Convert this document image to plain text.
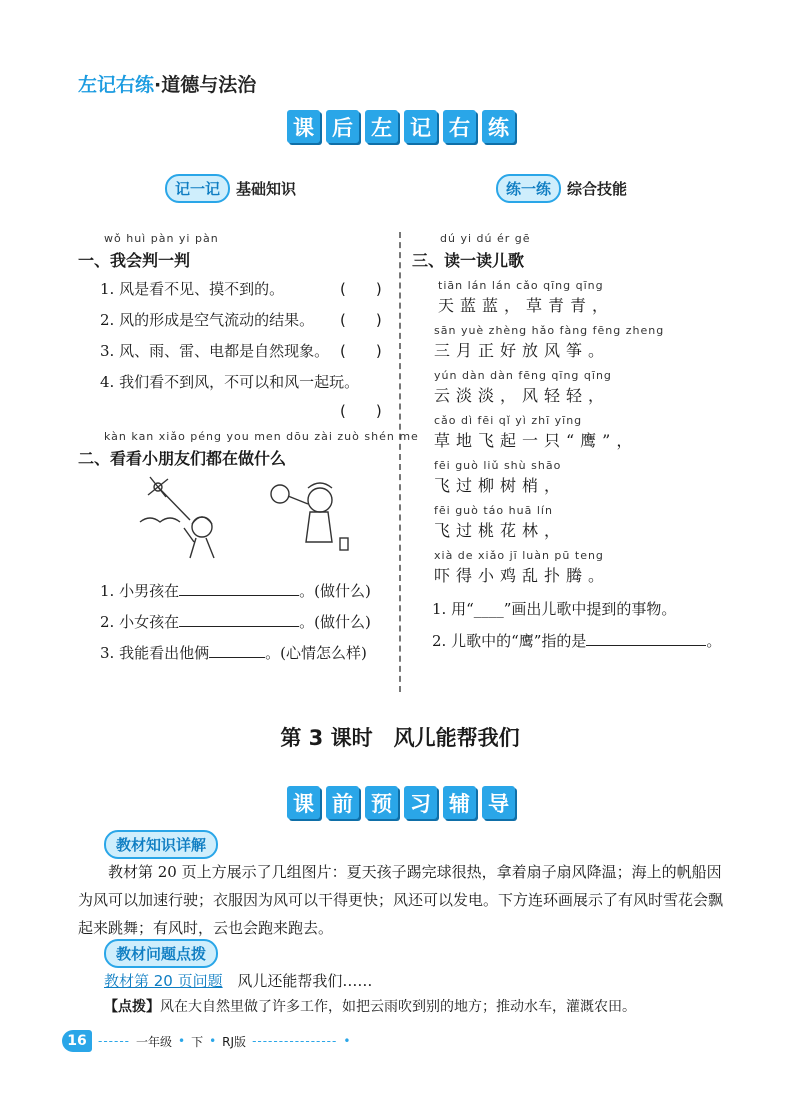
左记右练·道德与法治
课 后 左 记 右 练
记一记	基础知识	练一练	综合技能
wǒ huì pàn yi pàn
一、我会判一判
1. 风是看不见、摸不到的。	(　　)
2. 风的形成是空气流动的结果。 (　　)
3. 风、雨、雷、电都是自然现象。 (　　)
4. 我们看不到风，不可以和风一起玩。
(　　)
kàn kan xiǎo péng you men dōu zài zuò shén me
二、看看小朋友们都在做什么
1. 小男孩在	。(做什么)
2. 小女孩在	。(做什么)
3. 我能看出他俩	。(心情怎么样)
dú yi dú ér gē
三、读一读儿歌
tiān lán lán cǎo qīng qīng
天蓝蓝，草青青，
sān yuè zhèng hǎo fàng fēng zheng
三月正好放风筝。
yún dàn dàn fēng qīng qīng
云淡淡，风轻轻，
cǎo dì fēi qǐ yì zhī yīng
草地飞起一只“鹰”，
fēi guò liǔ shù shāo
飞过柳树梢，
fēi guò táo huā lín
飞过桃花林，
xià de xiǎo jī luàn pū teng
吓得小鸡乱扑腾。
1. 用“____”画出儿歌中提到的事物。
2. 儿歌中的“鹰”指的是	。
第 3 课时　风儿能帮我们
课 前 预 习 辅 导
教材知识详解
教材第 20 页上方展示了几组图片：夏天孩子踢完球很热，拿着扇子扇风降温；海上的帆船因为风可以加速行驶；衣服因为风可以干得更快；风还可以发电。下方连环画展示了有风时雪花会飘起来跳舞；有风时，云也会跑来跑去。
教材问题点拨
教材第 20 页问题 风儿还能帮我们……
【点拨】风在大自然里做了许多工作，如把云雨吹到别的地方；推动水车，灌溉农田。
16 ------ 一年级 • 下 • RJ版 ---------------- •
